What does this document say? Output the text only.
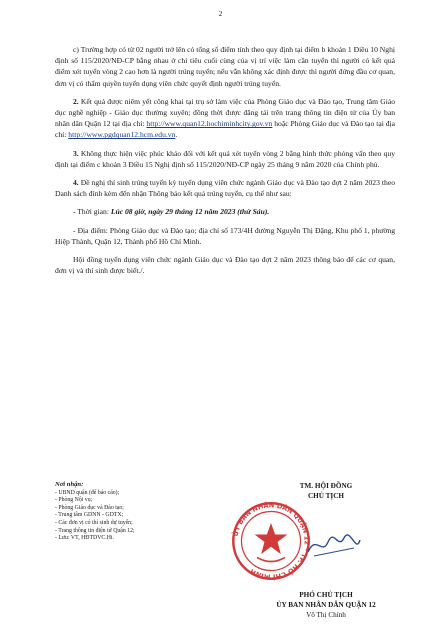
2

c) Trường hợp có từ 02 người trở lên có tổng số điểm tính theo quy định tại điểm b khoản 1 Điều 10 Nghị định số 115/2020/NĐ-CP bằng nhau ở chỉ tiêu cuối cùng của vị trí việc làm cần tuyển thì người có kết quả điểm xét tuyển vòng 2 cao hơn là người trúng tuyển; nếu vẫn không xác định được thì người đứng đầu cơ quan, đơn vị có thẩm quyền tuyển dụng viên chức quyết định người trúng tuyển.

2. Kết quả được niêm yết công khai tại trụ sở làm việc của Phòng Giáo dục và Đào tạo, Trung tâm Giáo dục nghề nghiệp - Giáo dục thường xuyên; đồng thời được đăng tải trên trang thông tin điện tử của Ủy ban nhân dân Quận 12 tại địa chỉ: http://www.quan12.hochiminhcity.gov.vn hoặc Phòng Giáo dục và Đào tạo tại địa chỉ: http://www.pgdquan12.hcm.edu.vn.

3. Không thực hiện việc phúc khảo đối với kết quả xét tuyển vòng 2 bằng hình thức phỏng vấn theo quy định tại điểm c khoản 3 Điều 15 Nghị định số 115/2020/NĐ-CP ngày 25 tháng 9 năm 2020 của Chính phủ.

4. Đề nghị thí sinh trúng tuyển kỳ tuyển dụng viên chức ngành Giáo dục và Đào tạo đợt 2 năm 2023 theo Danh sách đính kèm đến nhận Thông báo kết quả trúng tuyển, cụ thể như sau:

- Thời gian: Lúc 08 giờ, ngày 29 tháng 12 năm 2023 (thứ Sáu).

- Địa điểm: Phòng Giáo dục và Đào tạo; địa chỉ số 173/4H đường Nguyễn Thị Đặng, Khu phố 1, phường Hiệp Thành, Quận 12, Thành phố Hồ Chí Minh.

Hội đồng tuyển dụng viên chức ngành Giáo dục và Đào tạo đợt 2 năm 2023 thông báo để các cơ quan, đơn vị và thí sinh được biết./.

Nơi nhận:
- UBND quận (để báo cáo);
- Phòng Nội vụ;
- Phòng Giáo dục và Đào tạo;
- Trung tâm GDNN - GDTX;
- Các đơn vị có thí sinh dự tuyển;
- Trang thông tin điện tử Quận 12;
- Lưu: VT, HĐTDVC.Hi.
TM. HỘI ĐỒNG
CHỦ TỊCH
ỦY BAN NHÂN DÂN QUẬN 12 * TP. HỒ CHÍ MINH
PHÓ CHỦ TỊCH
ỦY BAN NHÂN DÂN QUẬN 12
Võ Thị Chính
